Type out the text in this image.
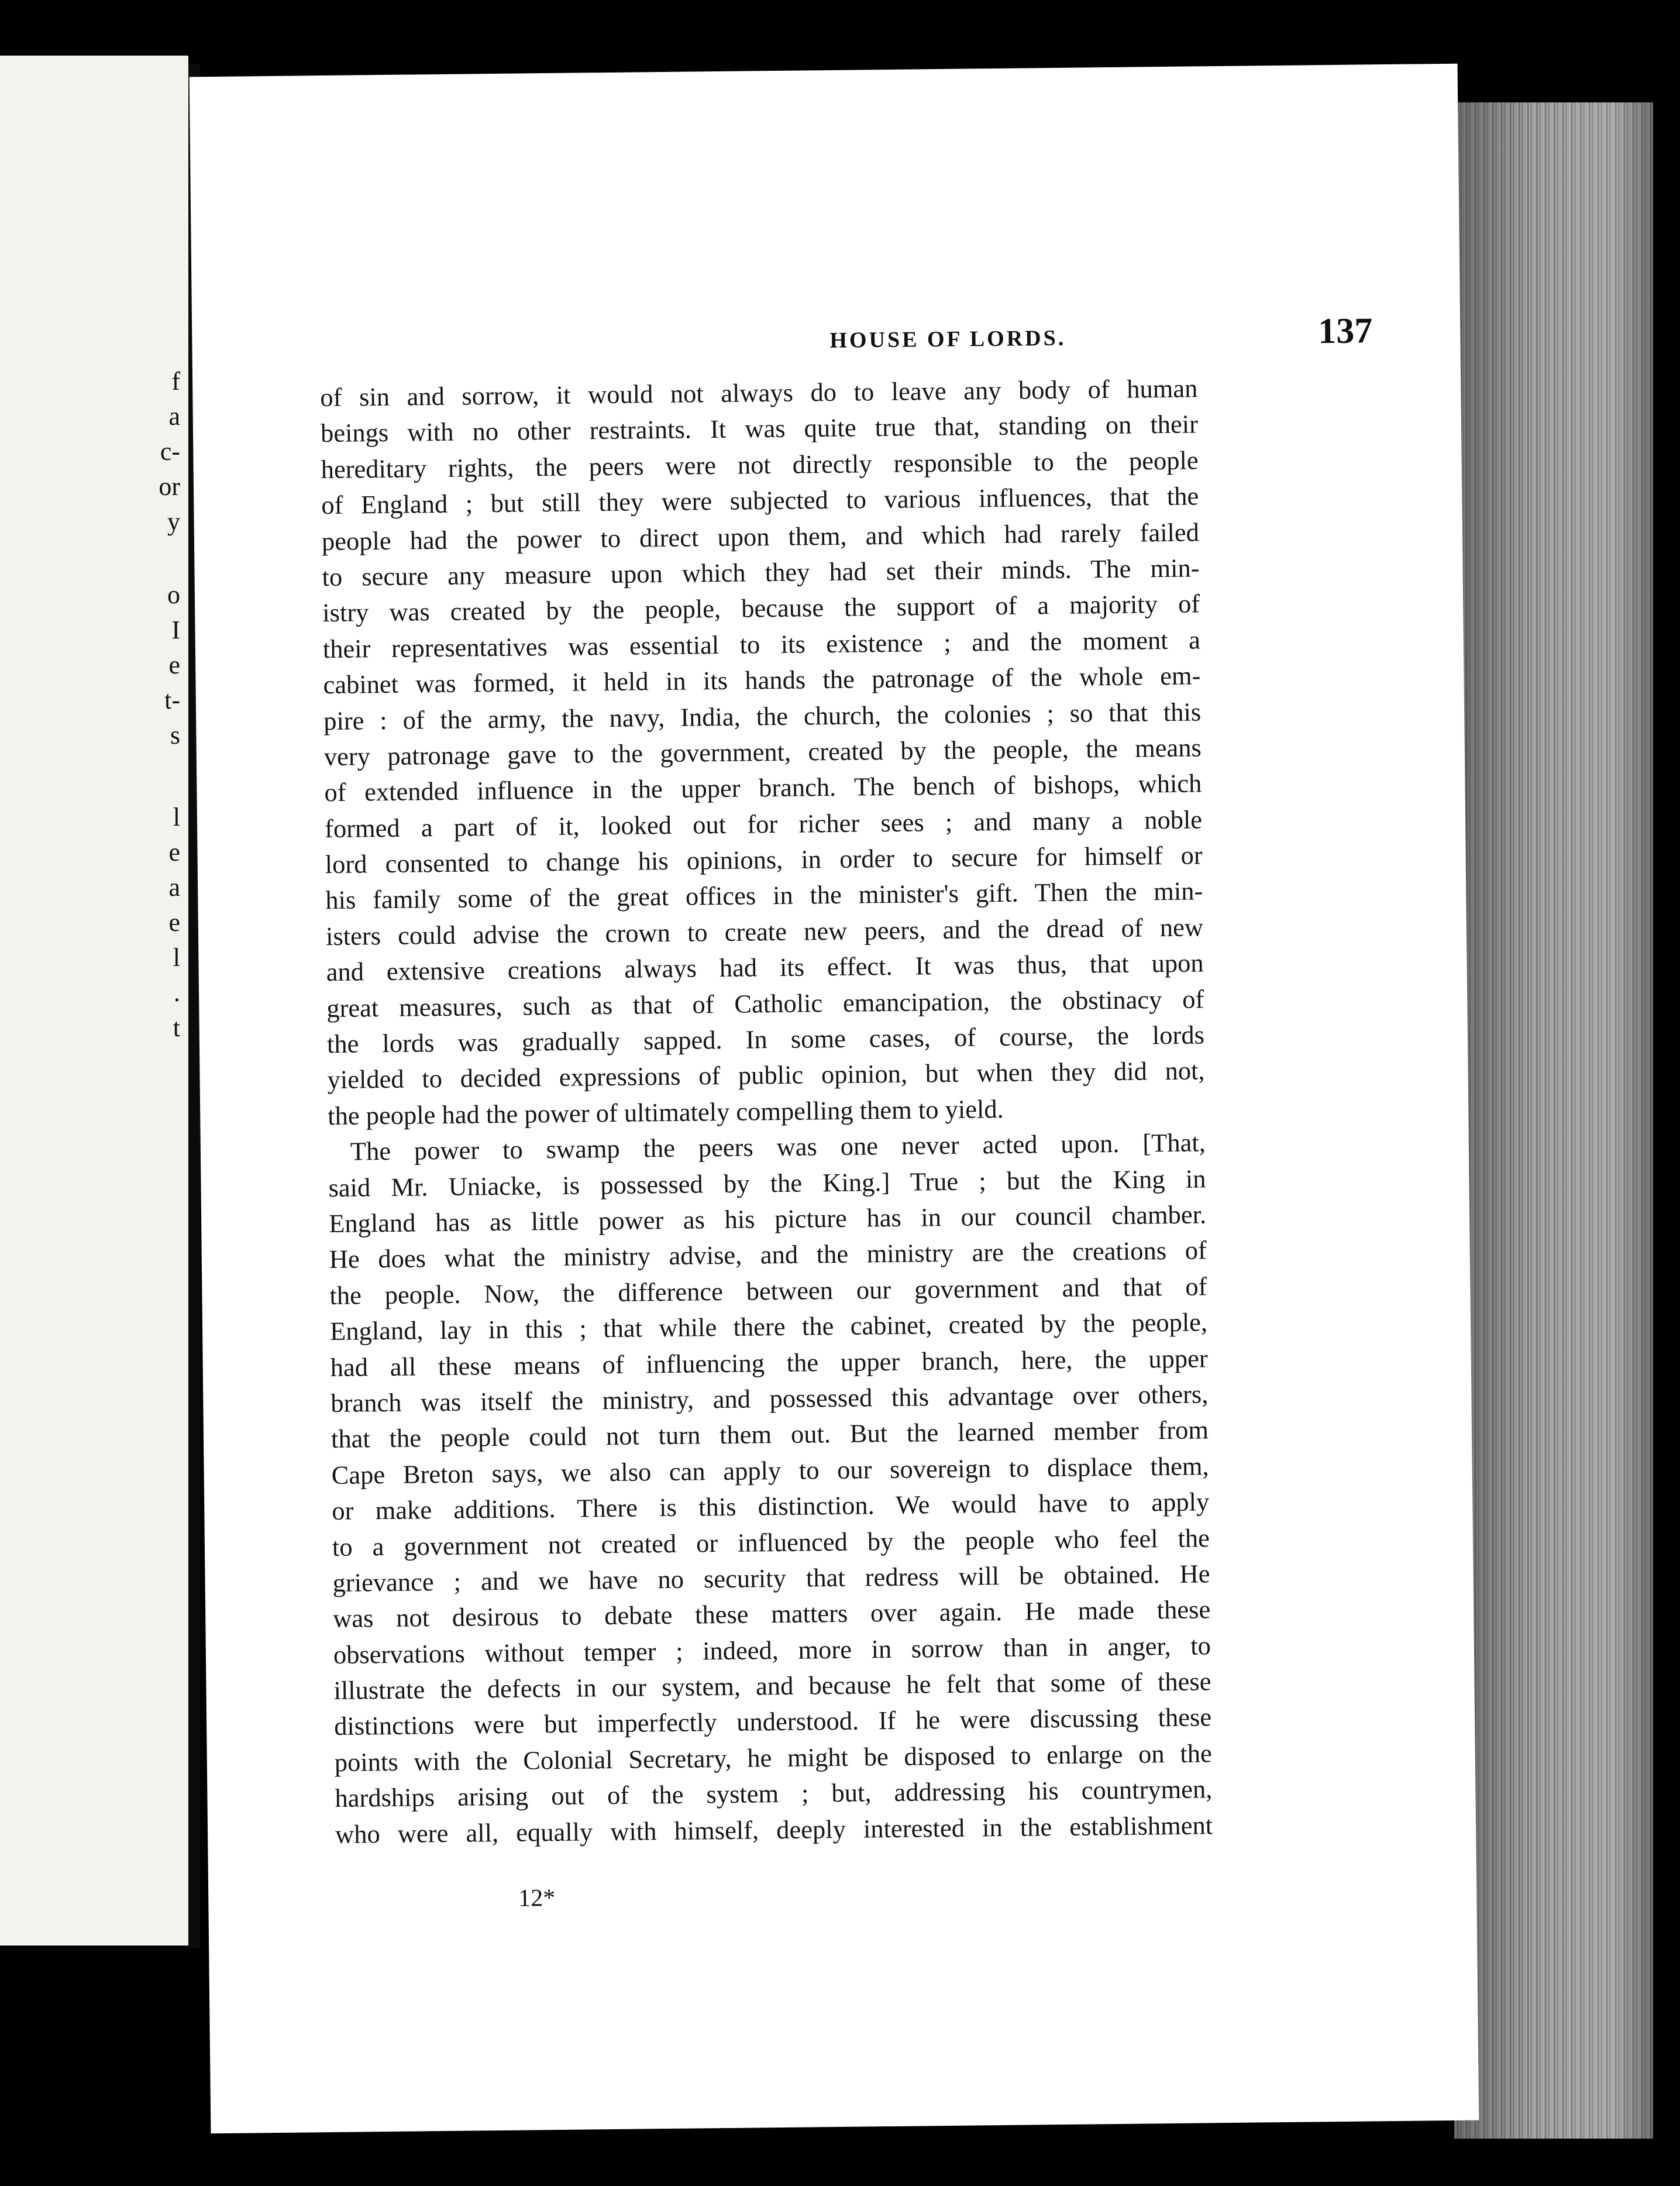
f
a
c-
or
y
o
I
e
t-
s
l
e
a
e
l
.
t
HOUSE OF LORDS.	137
of sin and sorrow, it would not always do to leave any body of human
beings with no other restraints. It was quite true that, standing on their
hereditary rights, the peers were not directly responsible to the people
of England ; but still they were subjected to various influences, that the
people had the power to direct upon them, and which had rarely failed
to secure any measure upon which they had set their minds. The min-
istry was created by the people, because the support of a majority of
their representatives was essential to its existence ; and the moment a
cabinet was formed, it held in its hands the patronage of the whole em-
pire : of the army, the navy, India, the church, the colonies ; so that this
very patronage gave to the government, created by the people, the means
of extended influence in the upper branch. The bench of bishops, which
formed a part of it, looked out for richer sees ; and many a noble
lord consented to change his opinions, in order to secure for himself or
his family some of the great offices in the minister's gift. Then the min-
isters could advise the crown to create new peers, and the dread of new
and extensive creations always had its effect. It was thus, that upon
great measures, such as that of Catholic emancipation, the obstinacy of
the lords was gradually sapped. In some cases, of course, the lords
yielded to decided expressions of public opinion, but when they did not,
the people had the power of ultimately compelling them to yield.
The power to swamp the peers was one never acted upon. [That,
said Mr. Uniacke, is possessed by the King.] True ; but the King in
England has as little power as his picture has in our council chamber.
He does what the ministry advise, and the ministry are the creations of
the people. Now, the difference between our government and that of
England, lay in this ; that while there the cabinet, created by the people,
had all these means of influencing the upper branch, here, the upper
branch was itself the ministry, and possessed this advantage over others,
that the people could not turn them out. But the learned member from
Cape Breton says, we also can apply to our sovereign to displace them,
or make additions. There is this distinction. We would have to apply
to a government not created or influenced by the people who feel the
grievance ; and we have no security that redress will be obtained. He
was not desirous to debate these matters over again. He made these
observations without temper ; indeed, more in sorrow than in anger, to
illustrate the defects in our system, and because he felt that some of these
distinctions were but imperfectly understood. If he were discussing these
points with the Colonial Secretary, he might be disposed to enlarge on the
hardships arising out of the system ; but, addressing his countrymen,
who were all, equally with himself, deeply interested in the establishment
12*
